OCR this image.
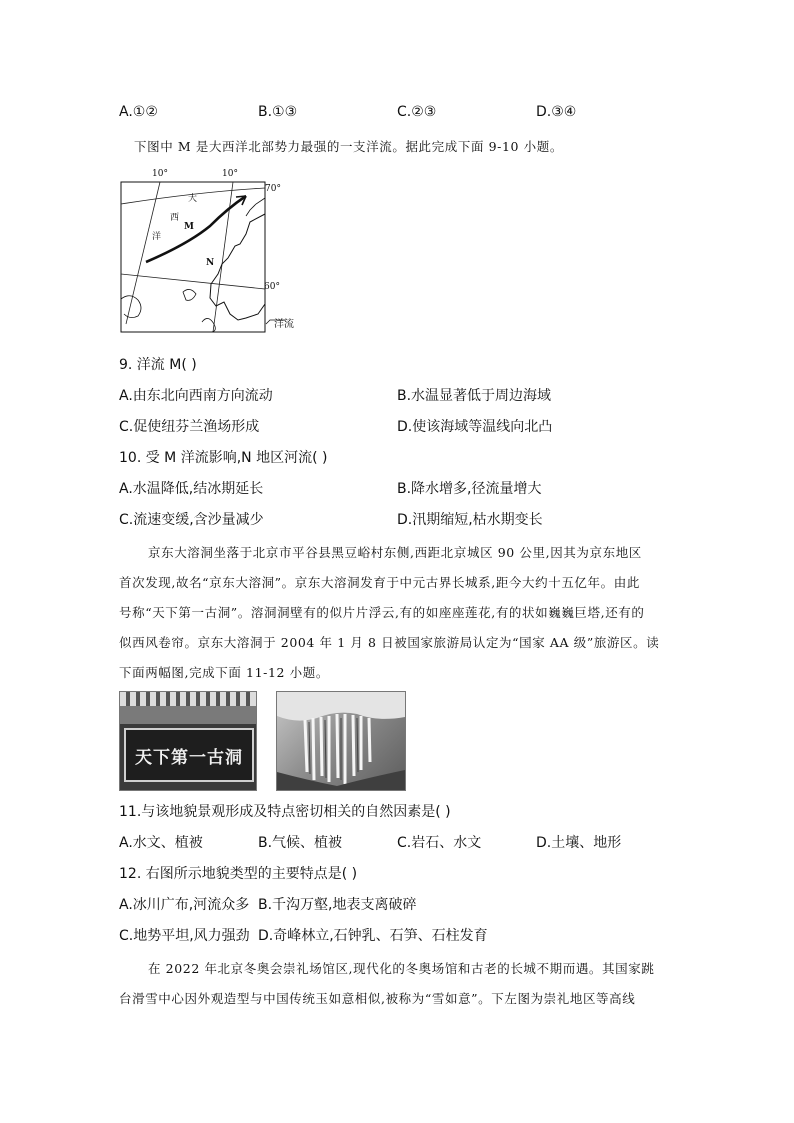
A.①②	B.①③	C.②③	D.③④
下图中 M 是大西洋北部势力最强的一支洋流。据此完成下面 9-10 小题。
10°	10°
70°
60°
大
西
洋
M
N
洋流
9. 洋流 M( )
A.由东北向西南方向流动	B.水温显著低于周边海域
C.促使纽芬兰渔场形成	D.使该海域等温线向北凸
10. 受 M 洋流影响,N 地区河流( )
A.水温降低,结冰期延长	B.降水增多,径流量增大
C.流速变缓,含沙量减少	D.汛期缩短,枯水期变长
京东大溶洞坐落于北京市平谷县黑豆峪村东侧,西距北京城区 90 公里,因其为京东地区
首次发现,故名“京东大溶洞”。京东大溶洞发育于中元古界长城系,距今大约十五亿年。由此
号称“天下第一古洞”。溶洞洞壁有的似片片浮云,有的如座座莲花,有的状如巍巍巨塔,还有的
似西风卷帘。京东大溶洞于 2004 年 1 月 8 日被国家旅游局认定为“国家 AA 级”旅游区。读
下面两幅图,完成下面 11-12 小题。
天下第一古洞
11.与该地貌景观形成及特点密切相关的自然因素是( )
A.水文、植被	B.气候、植被	C.岩石、水文	D.土壤、地形
12. 右图所示地貌类型的主要特点是( )
A.冰川广布,河流众多 B.千沟万壑,地表支离破碎
C.地势平坦,风力强劲 D.奇峰林立,石钟乳、石笋、石柱发育
在 2022 年北京冬奥会崇礼场馆区,现代化的冬奥场馆和古老的长城不期而遇。其国家跳
台滑雪中心因外观造型与中国传统玉如意相似,被称为“雪如意”。下左图为崇礼地区等高线
